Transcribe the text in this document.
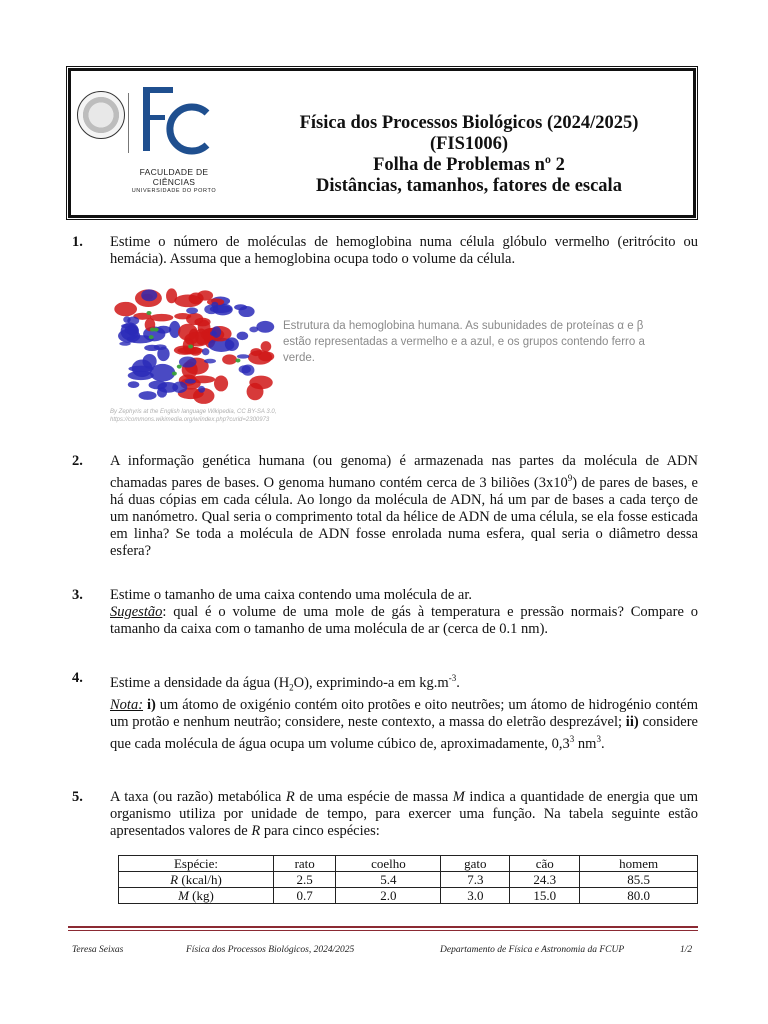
FACULDADE DE CIÊNCIAS
UNIVERSIDADE DO PORTO
Física dos Processos Biológicos (2024/2025)
(FIS1006)
Folha de Problemas nº 2
Distâncias, tamanhos, fatores de escala
1. Estime o número de moléculas de hemoglobina numa célula glóbulo vermelho (eritrócito ou hemácia). Assuma que a hemoglobina ocupa todo o volume da célula.
Estrutura da hemoglobina humana. As subunidades de proteínas α e β estão representadas a vermelho e a azul, e os grupos contendo ferro a verde.
By Zephyris at the English language Wikipedia, CC BY-SA 3.0,
https://commons.wikimedia.org/w/index.php?curid=2300973
2. A informação genética humana (ou genoma) é armazenada nas partes da molécula de ADN chamadas pares de bases. O genoma humano contém cerca de 3 biliões $(3x10^9)$ de pares de bases, e há duas cópias em cada célula. Ao longo da molécula de ADN, há um par de bases a cada terço de um nanómetro. Qual seria o comprimento total da hélice de ADN de uma célula, se ela fosse esticada em linha? Se toda a molécula de ADN fosse enrolada numa esfera, qual seria o diâmetro dessa esfera?
3. Estime o tamanho de uma caixa contendo uma molécula de ar.
Sugestão: qual é o volume de uma mole de gás à temperatura e pressão normais? Compare o tamanho da caixa com o tamanho de uma molécula de ar (cerca de 0.1 nm).
4. Estime a densidade da água $(H_2O)$, exprimindo-a em $kg.m^{-3}$.
Nota: i) um átomo de oxigénio contém oito protões e oito neutrões; um átomo de hidrogénio contém um protão e nenhum neutrão; considere, neste contexto, a massa do eletrão desprezável; ii) considere que cada molécula de água ocupa um volume cúbico de, aproximadamente, $0,3^3$ $nm^3$.
5. A taxa (ou razão) metabólica R de uma espécie de massa M indica a quantidade de energia que um organismo utiliza por unidade de tempo, para exercer uma função. Na tabela seguinte estão apresentados valores de R para cinco espécies:
Espécie:	rato	coelho	gato	cão	homem
R (kcal/h)	2.5	5.4	7.3	24.3	85.5
M (kg)	0.7	2.0	3.0	15.0	80.0
Teresa Seixas	Física dos Processos Biológicos, 2024/2025	Departamento de Física e Astronomia da FCUP	1/2
